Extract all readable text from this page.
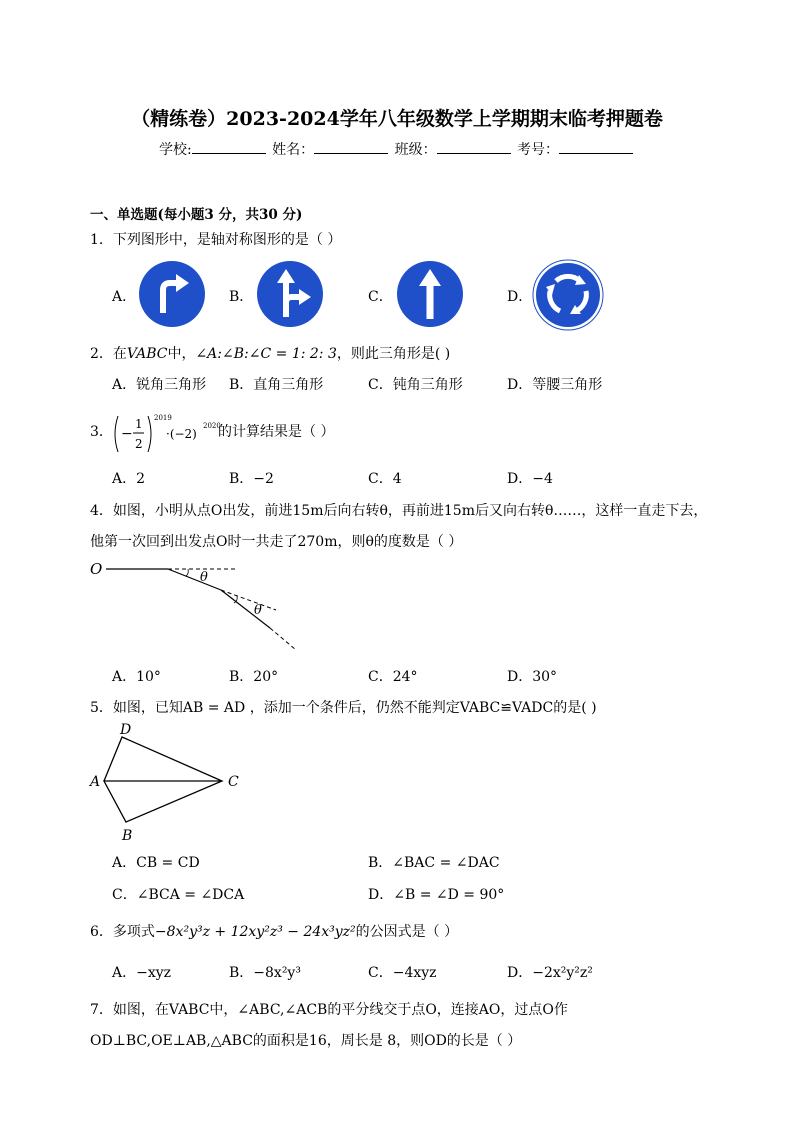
（精练卷）2023-2024学年八年级数学上学期期末临考押题卷
学校:	姓名：	班级：	考号：
一、单选题(每小题3 分，共30 分)
1．下列图形中，是轴对称图形的是（ ）
A．	B．	C．	D．
2．在VABC中，∠A:∠B:∠C = 1: 2: 3，则此三角形是( )
A．锐角三角形 B．直角三角形	C．钝角三角形	D．等腰三角形
3． −
1
2
2019
·(−2)
2020
的计算结果是（ ）
A．2	B．−2	C．4	D．−4
4．如图，小明从点O出发，前进15m后向右转θ，再前进15m后又向右转θ……，这样一直走下去，
他第一次回到出发点O时一共走了270m，则θ的度数是（ ）
O	θ
θ
A．10°	B．20°	C．24°	D．30°
5．如图，已知AB = AD ，添加一个条件后，仍然不能判定VABC≌VADC的是( )
D
A	C
B
A．CB = CD	B．∠BAC = ∠DAC
C．∠BCA = ∠DCA	D．∠B = ∠D = 90°
6．多项式−8x²y³z + 12xy²z³ − 24x³yz²的公因式是（ ）
A．−xyz	B．−8x²y³	C．−4xyz	D．−2x²y²z²
7．如图，在VABC中，∠ABC,∠ACB的平分线交于点O，连接AO，过点O作
OD⊥BC,OE⊥AB,△ABC的面积是16，周长是 8，则OD的长是（ ）
